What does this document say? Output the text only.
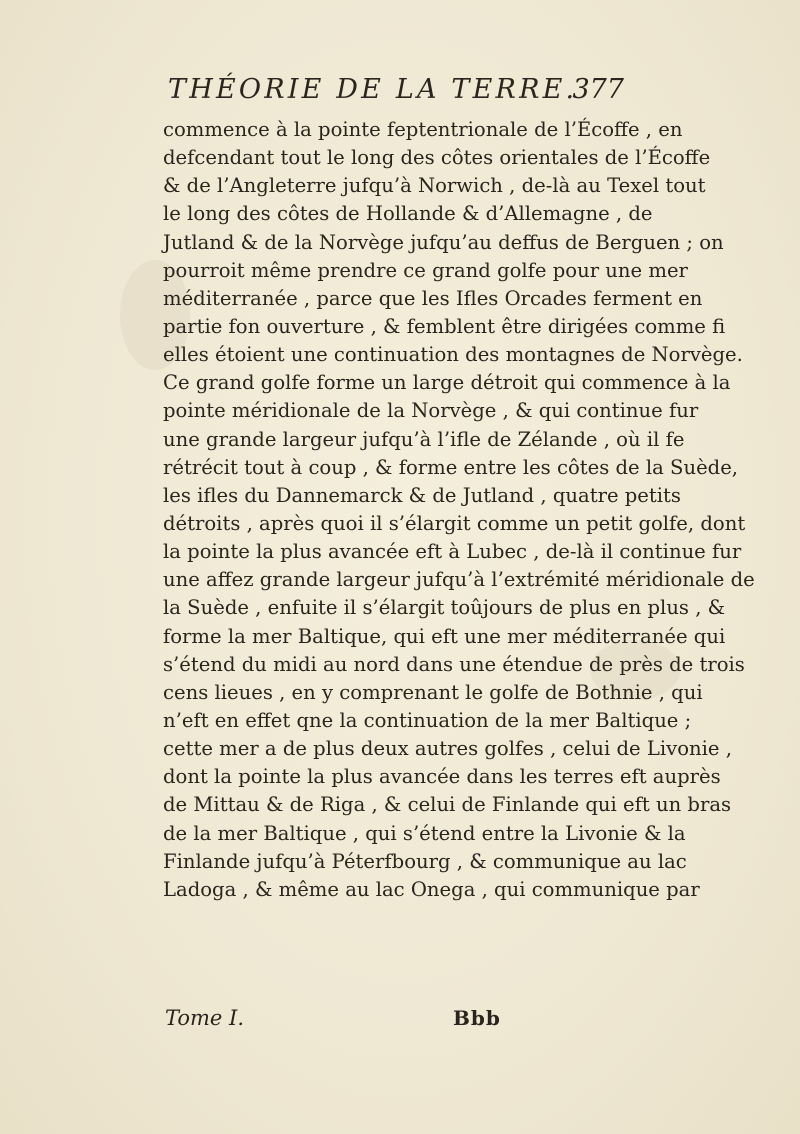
THÉORIE DE LA TERRE.
377
commence à la pointe feptentrionale de l’Écoffe , en
defcendant tout le long des côtes orientales de l’Écoffe
& de l’Angleterre jufqu’à Norwich , de-là au Texel tout
le long des côtes de Hollande & d’Allemagne , de
Jutland & de la Norvège jufqu’au deffus de Berguen ; on
pourroit même prendre ce grand golfe pour une mer
méditerranée , parce que les Ifles Orcades ferment en
partie fon ouverture , & femblent être dirigées comme fi
elles étoient une continuation des montagnes de Norvège.
Ce grand golfe forme un large détroit qui commence à la
pointe méridionale de la Norvège , & qui continue fur
une grande largeur jufqu’à l’ifle de Zélande , où il fe
rétrécit tout à coup , & forme entre les côtes de la Suède,
les ifles du Dannemarck & de Jutland , quatre petits
détroits , après quoi il s’élargit comme un petit golfe, dont
la pointe la plus avancée eft à Lubec , de-là il continue fur
une affez grande largeur jufqu’à l’extrémité méridionale de
la Suède , enfuite il s’élargit toûjours de plus en plus , &
forme la mer Baltique, qui eft une mer méditerranée qui
s’étend du midi au nord dans une étendue de près de trois
cens lieues , en y comprenant le golfe de Bothnie , qui
n’eft en effet qne la continuation de la mer Baltique ;
cette mer a de plus deux autres golfes , celui de Livonie ,
dont la pointe la plus avancée dans les terres eft auprès
de Mittau & de Riga , & celui de Finlande qui eft un bras
de la mer Baltique , qui s’étend entre la Livonie & la
Finlande jufqu’à Péterfbourg , & communique au lac
Ladoga , & même au lac Onega , qui communique par
Tome I.	Bbb
